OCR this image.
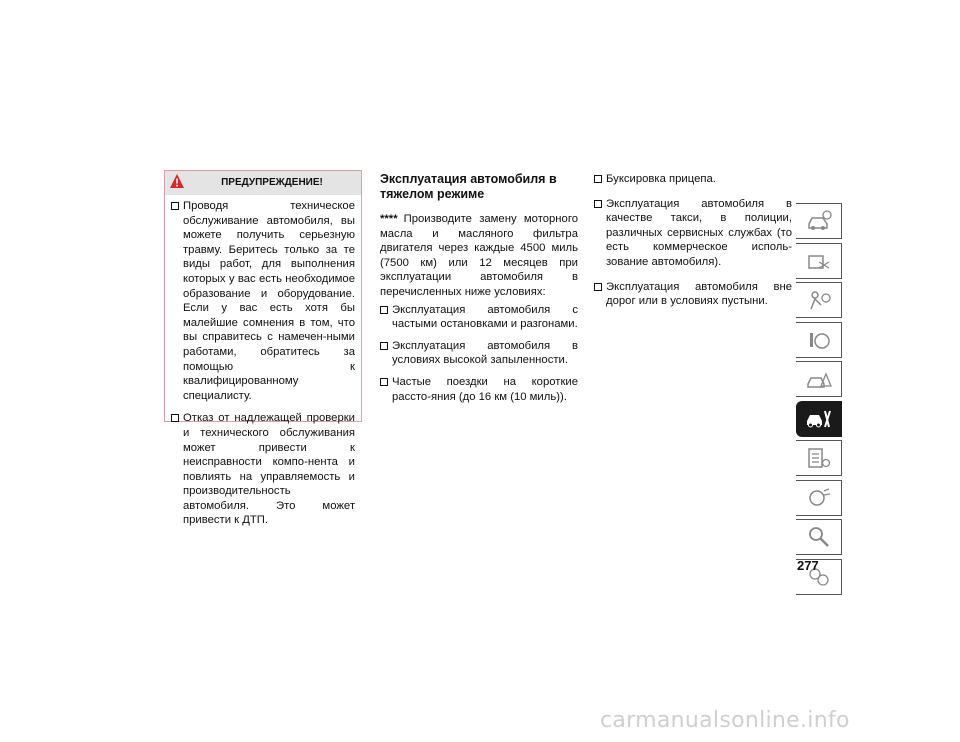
ПРЕДУПРЕЖДЕНИЕ!
Проводя техническое обслуживание автомобиля, вы можете получить серьезную травму. Беритесь только за те виды работ, для выполнения которых у вас есть необходимое образование и оборудование. Если у вас есть хотя бы малейшие сомнения в том, что вы справитесь с намечен-ными работами, обратитесь за помощью к квалифицированному специалисту.
Отказ от надлежащей проверки и технического обслуживания может привести к неисправности компо-нента и повлиять на управляемость и производительность автомобиля. Это может привести к ДТП.
Эксплуатация автомобиля в тяжелом режиме

**** Производите замену моторного масла и масляного фильтра двигателя через каждые 4500 миль (7500 км) или 12 месяцев при эксплуатации автомобиля в перечисленных ниже условиях:

Эксплуатация автомобиля с частыми остановками и разгонами.
Эксплуатация автомобиля в условиях высокой запыленности.
Частые поездки на короткие рассто-яния (до 16 км (10 миль)).
Буксировка прицепа.
Эксплуатация автомобиля в качестве такси, в полиции, различных сервисных службах (то есть коммерческое исполь-зование автомобиля).
Эксплуатация автомобиля вне дорог или в условиях пустыни.
277
carmanualsonline.info
